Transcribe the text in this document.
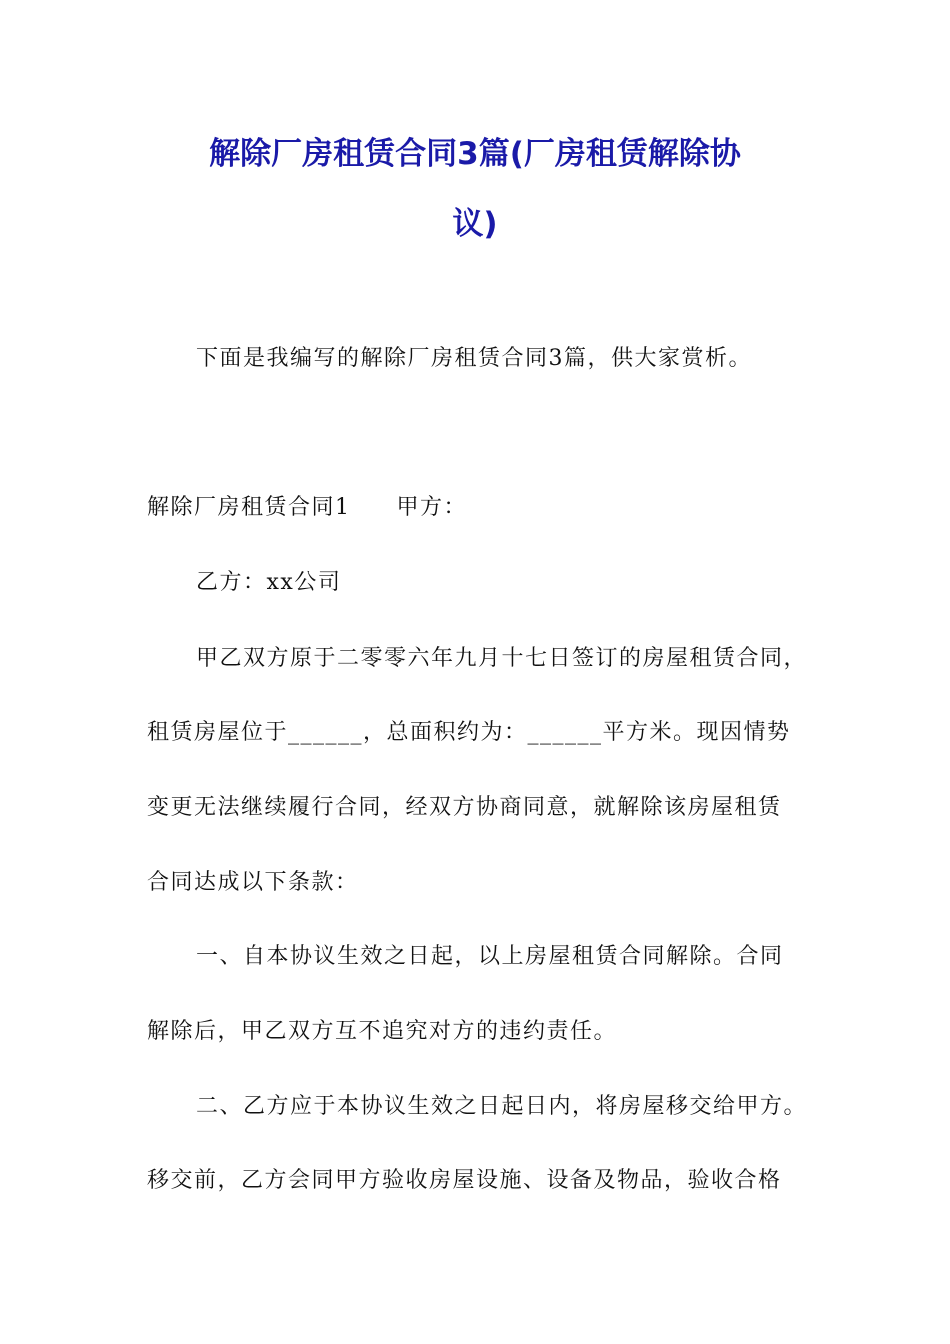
解除厂房租赁合同3篇(厂房租赁解除协
议)
下面是我编写的解除厂房租赁合同3篇，供大家赏析。
解除厂房租赁合同1 甲方：
乙方：xx公司
甲乙双方原于二零零六年九月十七日签订的房屋租赁合同，
租赁房屋位于______，总面积约为：______平方米。现因情势
变更无法继续履行合同，经双方协商同意，就解除该房屋租赁
合同达成以下条款：
一、自本协议生效之日起，以上房屋租赁合同解除。合同
解除后，甲乙双方互不追究对方的违约责任。
二、乙方应于本协议生效之日起日内，将房屋移交给甲方。
移交前，乙方会同甲方验收房屋设施、设备及物品，验收合格
